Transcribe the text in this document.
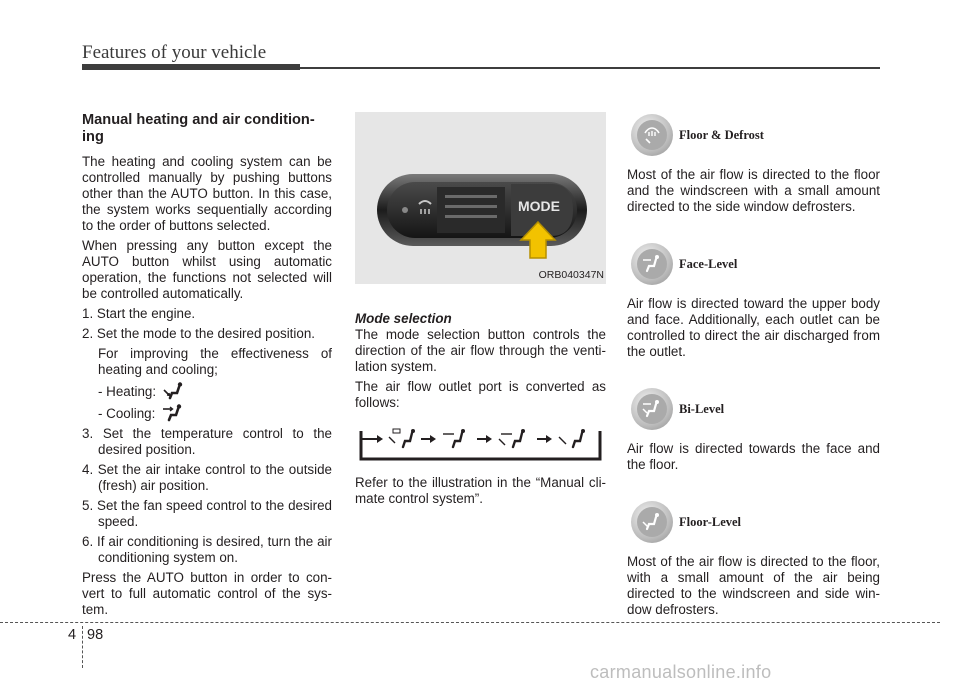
Features of your vehicle

Manual heating and air condition-ing

The heating and cooling system can be controlled manually by pushing buttons other than the AUTO button. In this case, the system works sequentially according to the order of buttons selected.

When pressing any button except the AUTO button whilst using automatic operation, the functions not selected will be controlled automatically.

1. Start the engine.

2. Set the mode to the desired position.

For improving the effectiveness of heating and cooling;

- Heating:

- Cooling:

3. Set the temperature control to the desired position.

4. Set the air intake control to the outside (fresh) air position.

5. Set the fan speed control to the desired speed.

6. If air conditioning is desired, turn the air conditioning system on.

Press the AUTO button in order to con-vert to full automatic control of the sys-tem.

MODE
ORB040347N

Mode selection

The mode selection button controls the direction of the air flow through the venti-lation system.

The air flow outlet port is converted as follows:

Refer to the illustration in the “Manual cli-mate control system”.

Floor & Defrost

Most of the air flow is directed to the floor and the windscreen with a small amount directed to the side window defrosters.

Face-Level

Air flow is directed toward the upper body and face. Additionally, each outlet can be controlled to direct the air discharged from the outlet.

Bi-Level

Air flow is directed towards the face and the floor.

Floor-Level

Most of the air flow is directed to the floor, with a small amount of the air being directed to the windscreen and side win-dow defrosters.

4 98
carmanualsonline.info
